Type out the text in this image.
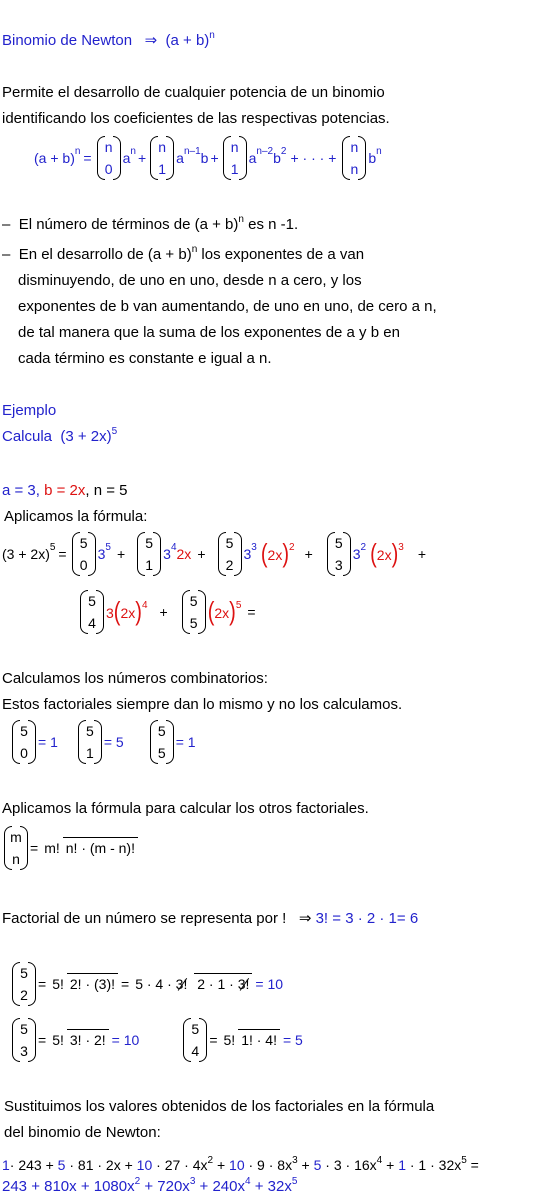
Binomio de Newton ⇒ $(a + b)^n$
Permite el desarrollo de cualquier potencia de un binomio
identificando los coeficientes de las respectivas potencias.
$(a + b)^n$ =
n
0
$a^n$ +
n
1
$a^{n-1}$ b +
n
1
$a^{n-2}$ $b^2$ + · · · +
n
n
$b^n$
– El número de términos de $(a + b)^n$ es n -1.
– En el desarrollo de $(a + b)^n$ los exponentes de a van
disminuyendo, de uno en uno, desde n a cero, y los
exponentes de b van aumentando, de uno en uno, de cero a n,
de tal manera que la suma de los exponentes de a y b en
cada término es constante e igual a n.
Ejemplo
Calcula $(3 + 2x)^5$
a = 3, b = 2x, n = 5
Aplicamos la fórmula:
$(3 + 2x)^5$ =
5
0
$3^5$ +
5
1
$3^4$ 2x +
5
2
$3^3$ $(2x)^2$ +
5
3
$3^2$ $(2x)^3$ +
5
4
$3(2x)^4$ +
5
5 $(2x)^5$ =
Calculamos los números combinatorios:
Estos factoriales siempre dan lo mismo y no los calculamos.
5
0
= 1
5
1
= 5
5
5
= 1
Aplicamos la fórmula para calcular los otros factoriales.
m
n
= m! n! · (m - n)!
Factorial de un número se representa por ! ⇒ 3! = 3 · 2 · 1= 6
5
2
= 5! 2! · (3)! = 5 · 4 · 3! 2 · 1 · 3! = 10
5
3
= 5! 3! · 2! = 10
5
4
= 5! 1! · 4! = 5
Sustituimos los valores obtenidos de los factoriales en la fórmula
del binomio de Newton:
$1\cdot 243 + 5 \cdot 81 \cdot 2x + 10 \cdot 27 \cdot 4x^2 + 10 \cdot 9 \cdot 8x^3 + 5 \cdot 3 \cdot 16x^4 + 1 \cdot 1 \cdot 32x^5$ =
$243 + 810x + 1080x^2 + 720x^3 + 240x^4 + 32x^5$
